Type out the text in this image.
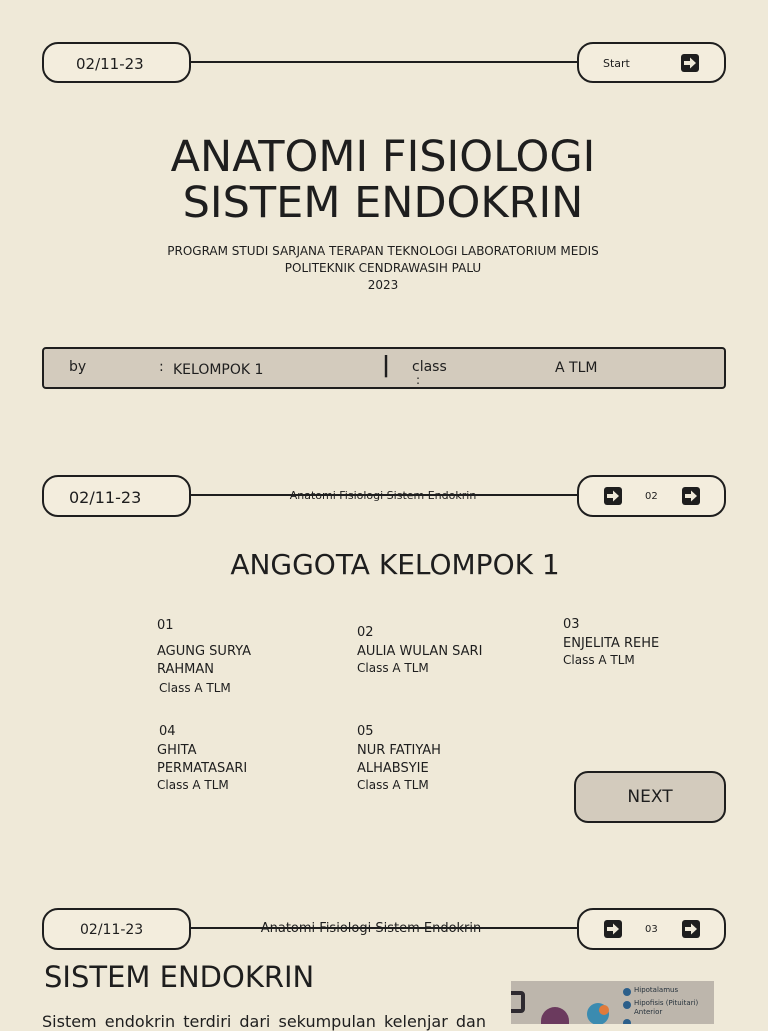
02/11-23	Start
ANATOMI FISIOLOGI
SISTEM ENDOKRIN
PROGRAM STUDI SARJANA TERAPAN TEKNOLOGI LABORATORIUM MEDIS
POLITEKNIK CENDRAWASIH PALU
2023
by	: KELOMPOK 1	| class
:
A TLM
Anatomi Fisiologi Sistem Endokrin
02/11-23	02
ANGGOTA KELOMPOK 1
01
AGUNG SURYA
RAHMAN
Class A TLM
02
AULIA WULAN SARI
Class A TLM
03
ENJELITA REHE
Class A TLM
04
GHITA
PERMATASARI
Class A TLM
05
NUR FATIYAH
ALHABSYIE
Class A TLM
NEXT
Anatomi Fisiologi Sistem Endokrin
02/11-23	03
SISTEM ENDOKRIN
Sistem endokrin terdiri dari sekumpulan kelenjar dan
Hipotalamus
Hipofisis (Pituitari)
Anterior
